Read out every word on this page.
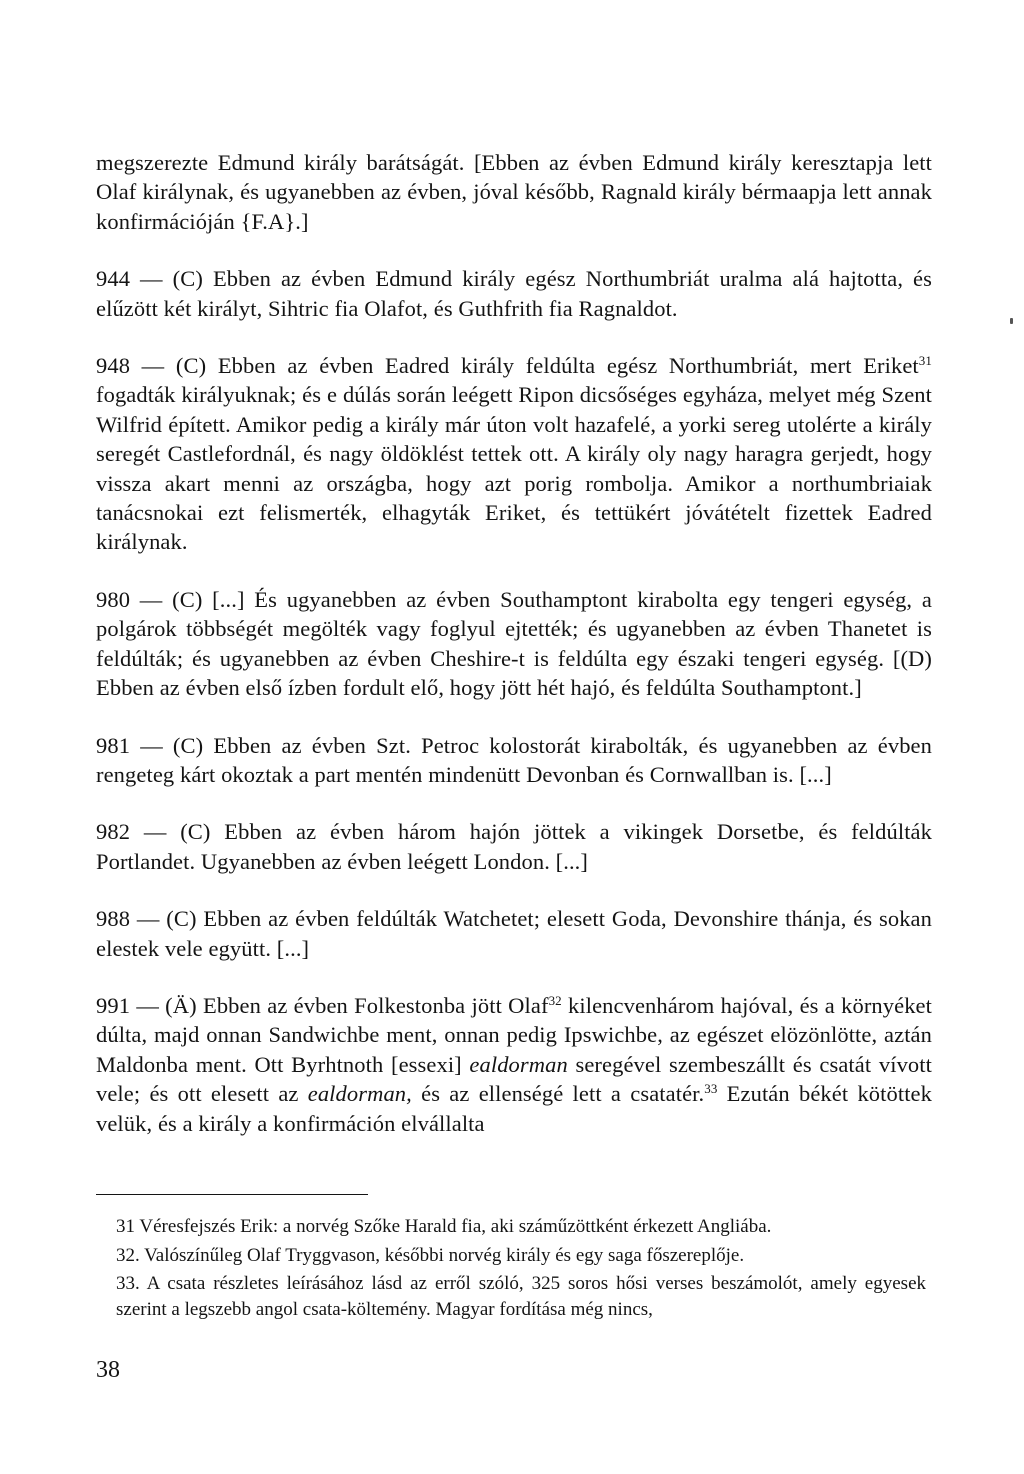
megszerezte Edmund király barátságát. [Ebben az évben Edmund király keresztapja lett Olaf királynak, és ugyanebben az évben, jóval később, Ragnald király bérmaapja lett annak konfirmációján {F.A}.]

944 — (C) Ebben az évben Edmund király egész Northumbriát uralma alá hajtotta, és elűzött két királyt, Sihtric fia Olafot, és Guthfrith fia Ragnaldot.

948 — (C) Ebben az évben Eadred király feldúlta egész Northumbriát, mert Eriket$^{31}$ fogadták királyuknak; és e dúlás során leégett Ripon dicsőséges egyháza, melyet még Szent Wilfrid épített. Amikor pedig a király már úton volt hazafelé, a yorki sereg utolérte a király seregét Castlefordnál, és nagy öldöklést tettek ott. A király oly nagy haragra gerjedt, hogy vissza akart menni az országba, hogy azt porig rombolja. Amikor a northumbriaiak tanácsnokai ezt felismerték, elhagyták Eriket, és tettükért jóvátételt fizettek Eadred királynak.

980 — (C) [...] És ugyanebben az évben Southamptont kirabolta egy tengeri egység, a polgárok többségét megölték vagy foglyul ejtették; és ugyanebben az évben Thanetet is feldúlták; és ugyanebben az évben Cheshire-t is feldúlta egy északi tengeri egység. [(D) Ebben az évben első ízben fordult elő, hogy jött hét hajó, és feldúlta Southamptont.]

981 — (C) Ebben az évben Szt. Petroc kolostorát kirabolták, és ugyanebben az évben rengeteg kárt okoztak a part mentén mindenütt Devonban és Cornwallban is. [...]

982 — (C) Ebben az évben három hajón jöttek a vikingek Dorsetbe, és feldúlták Portlandet. Ugyanebben az évben leégett London. [...]

988 — (C) Ebben az évben feldúlták Watchetet; elesett Goda, Devonshire thánja, és sokan elestek vele együtt. [...]

991 — (Ä) Ebben az évben Folkestonba jött Olaf$^{32}$ kilencvenhárom hajóval, és a környéket dúlta, majd onnan Sandwichbe ment, onnan pedig Ipswichbe, az egészet elözönlötte, aztán Maldonba ment. Ott Byrhtnoth [essexi] ealdorman seregével szembeszállt és csatát vívott vele; és ott elesett az ealdorman, és az ellenségé lett a csatatér.$^{33}$ Ezután békét kötöttek velük, és a király a konfirmáción elvállalta

31 Véresfejszés Erik: a norvég Szőke Harald fia, aki száműzöttként érkezett Angliába.

32. Valószínűleg Olaf Tryggvason, későbbi norvég király és egy saga főszereplője.

33. A csata részletes leírásához lásd az erről szóló, 325 soros hősi verses beszámolót, amely egyesek szerint a legszebb angol csata-költemény. Magyar fordítása még nincs,

38
